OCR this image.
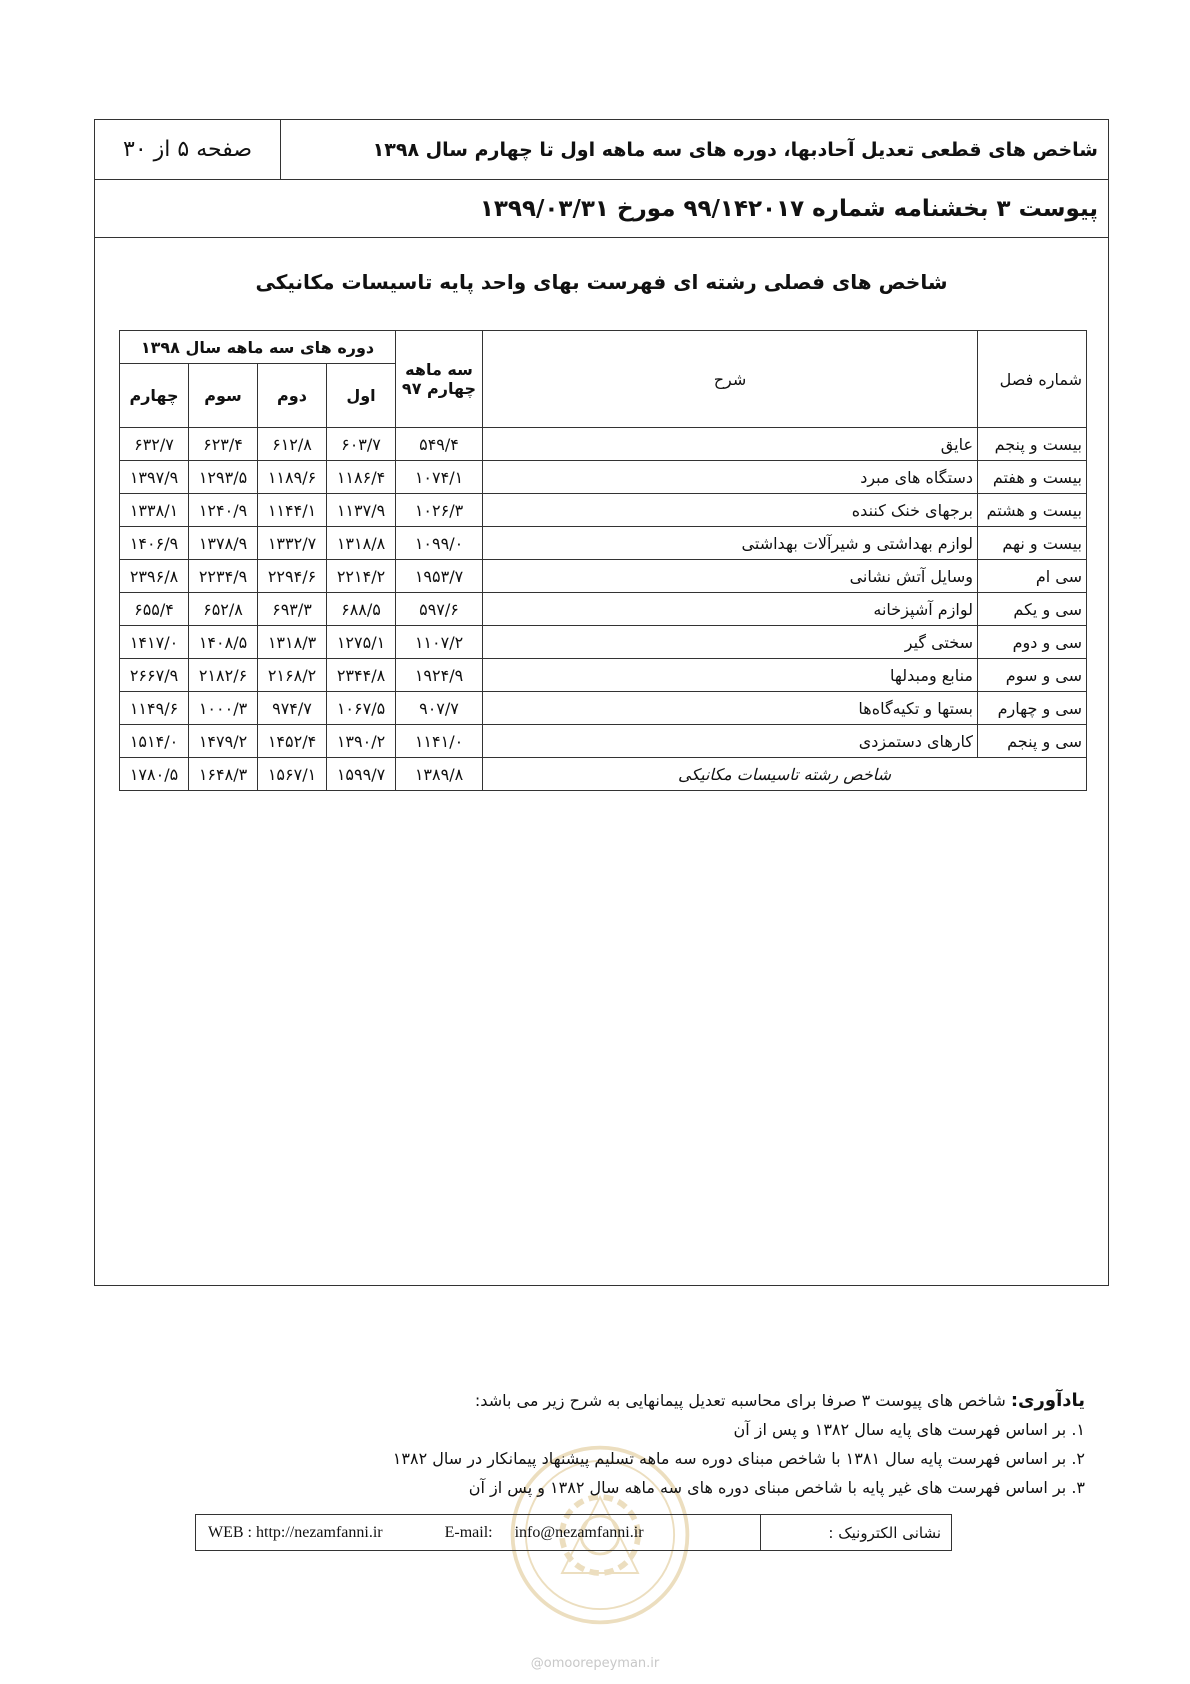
صفحه ۵ از ۳۰	شاخص های قطعی تعدیل آحادبها، دوره های سه ماهه اول تا چهارم سال ۱۳۹۸
پیوست ۳ بخشنامه شماره ۹۹/۱۴۲۰۱۷ مورخ ۱۳۹۹/۰۳/۳۱
شاخص های فصلی رشته ای فهرست بهای واحد پایه تاسیسات مکانیکی
شماره فصل	شرح	سه ماهه چهارم ۹۷	دوره های سه ماهه سال ۱۳۹۸			
			اول	دوم	سوم	چهارم
بیست و پنجم	عایق	۵۴۹/۴	۶۰۳/۷	۶۱۲/۸	۶۲۳/۴	۶۳۲/۷
بیست و هفتم	دستگاه های مبرد	۱۰۷۴/۱	۱۱۸۶/۴	۱۱۸۹/۶	۱۲۹۳/۵	۱۳۹۷/۹
بیست و هشتم	برجهای خنک کننده	۱۰۲۶/۳	۱۱۳۷/۹	۱۱۴۴/۱	۱۲۴۰/۹	۱۳۳۸/۱
بیست و نهم	لوازم بهداشتی و شیرآلات بهداشتی	۱۰۹۹/۰	۱۳۱۸/۸	۱۳۳۲/۷	۱۳۷۸/۹	۱۴۰۶/۹
سی ام	وسایل آتش نشانی	۱۹۵۳/۷	۲۲۱۴/۲	۲۲۹۴/۶	۲۲۳۴/۹	۲۳۹۶/۸
سی و یکم	لوازم آشپزخانه	۵۹۷/۶	۶۸۸/۵	۶۹۳/۳	۶۵۲/۸	۶۵۵/۴
سی و دوم	سختی گیر	۱۱۰۷/۲	۱۲۷۵/۱	۱۳۱۸/۳	۱۴۰۸/۵	۱۴۱۷/۰
سی و سوم	منابع ومبدلها	۱۹۲۴/۹	۲۳۴۴/۸	۲۱۶۸/۲	۲۱۸۲/۶	۲۶۶۷/۹
سی و چهارم	بستها و تکیه‌گاه‌ها	۹۰۷/۷	۱۰۶۷/۵	۹۷۴/۷	۱۰۰۰/۳	۱۱۴۹/۶
سی و پنجم	کارهای دستمزدی	۱۱۴۱/۰	۱۳۹۰/۲	۱۴۵۲/۴	۱۴۷۹/۲	۱۵۱۴/۰
شاخص رشته تاسیسات مکانیکی		۱۳۸۹/۸	۱۵۹۹/۷	۱۵۶۷/۱	۱۶۴۸/۳	۱۷۸۰/۵
یادآوری: شاخص های پیوست ۳ صرفا برای محاسبه تعدیل پیمانهایی به شرح زیر می باشد:
۱. بر اساس فهرست های پایه سال ۱۳۸۲ و پس از آن
۲. بر اساس فهرست پایه سال ۱۳۸۱ با شاخص مبنای دوره سه ماهه تسلیم پیشنهاد پیمانکار در سال ۱۳۸۲
۳. بر اساس فهرست های غیر پایه با شاخص مبنای دوره های سه ماهه سال ۱۳۸۲ و پس از آن
WEB : http://nezamfanni.ir	E-mail: info@nezamfanni.ir	نشانی الکترونیک :
@omoorepeyman.ir
